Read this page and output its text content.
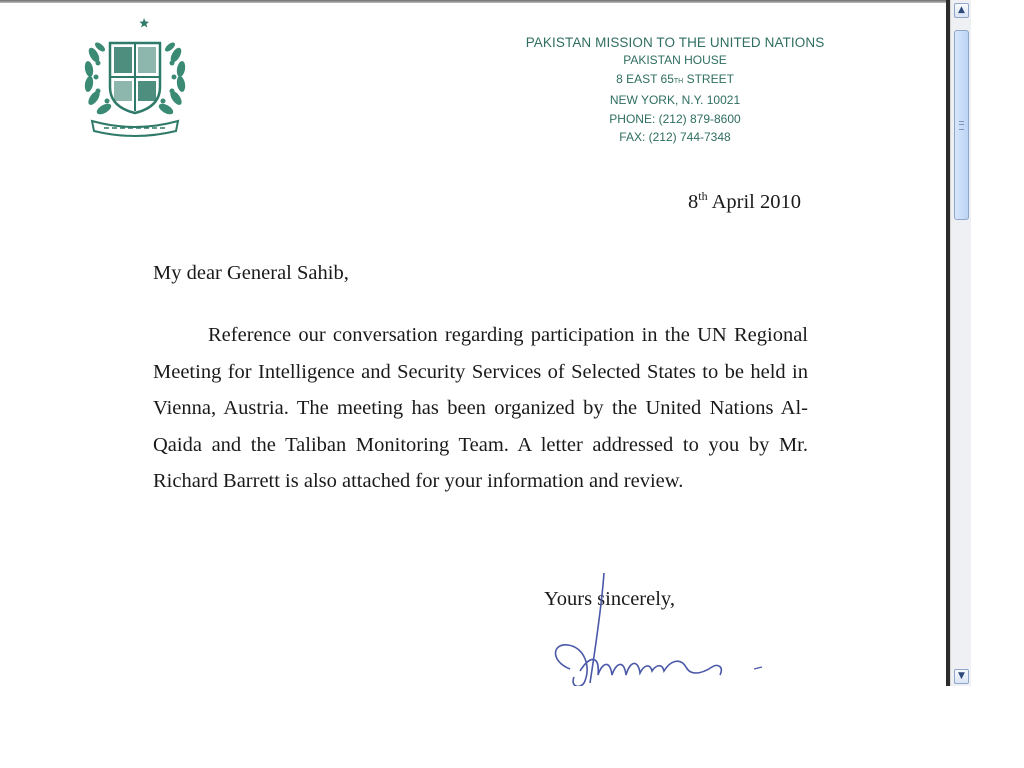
PAKISTAN MISSION TO THE UNITED NATIONS
PAKISTAN HOUSE
8 EAST 65TH STREET
NEW YORK, N.Y. 10021
PHONE: (212) 879-8600
FAX: (212) 744-7348
8th April 2010
My dear General Sahib,
Reference our conversation regarding participation in the UN Regional Meeting for Intelligence and Security Services of Selected States to be held in Vienna, Austria. The meeting has been organized by the United Nations Al-Qaida and the Taliban Monitoring Team. A letter addressed to you by Mr. Richard Barrett is also attached for your information and review.
Yours sincerely,
▲
▼
